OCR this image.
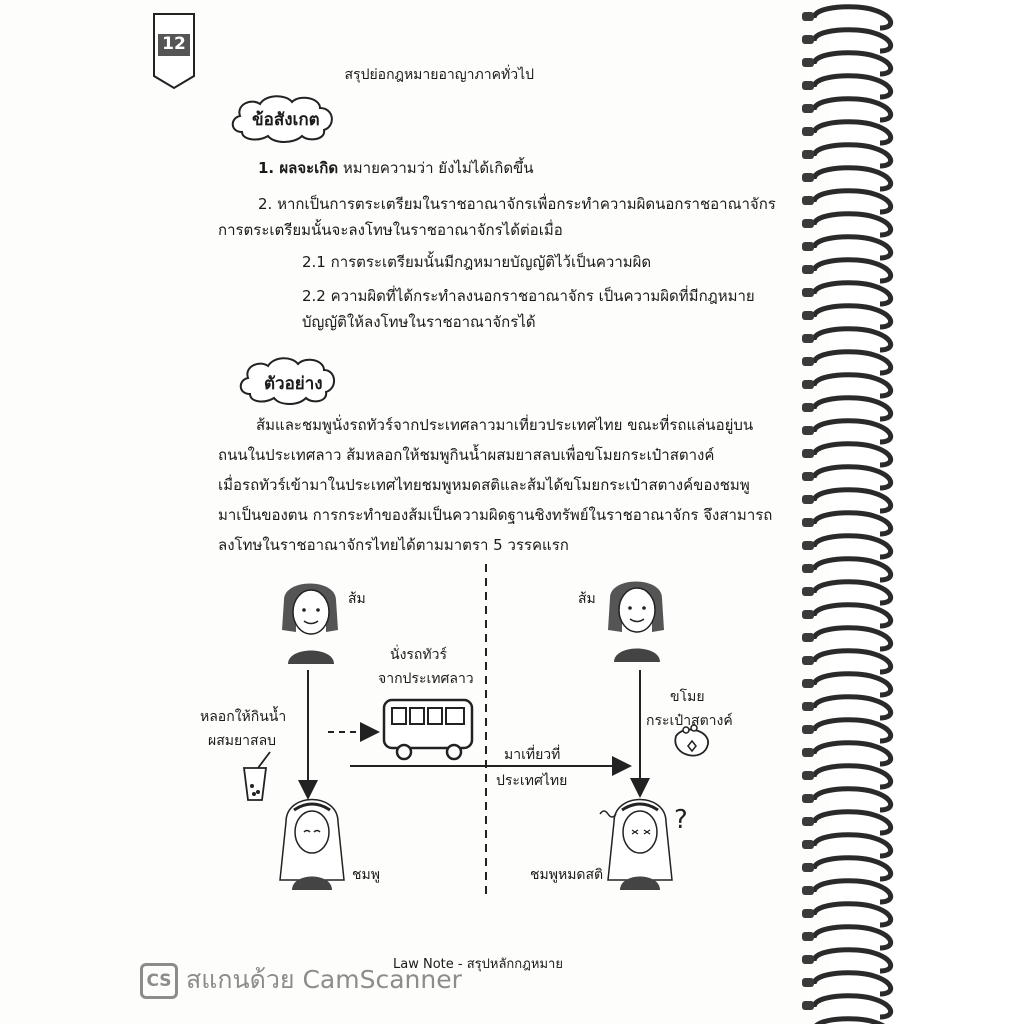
12
สรุปย่อกฎหมายอาญาภาคทั่วไป
ข้อสังเกต
1. ผลจะเกิด หมายความว่า ยังไม่ได้เกิดขึ้น
2. หากเป็นการตระเตรียมในราชอาณาจักรเพื่อกระทำความผิดนอกราชอาณาจักร
การตระเตรียมนั้นจะลงโทษในราชอาณาจักรได้ต่อเมื่อ
2.1 การตระเตรียมนั้นมีกฎหมายบัญญัติไว้เป็นความผิด
2.2 ความผิดที่ได้กระทำลงนอกราชอาณาจักร เป็นความผิดที่มีกฎหมาย
บัญญัติให้ลงโทษในราชอาณาจักรได้
ตัวอย่าง
ส้มและชมพูนั่งรถทัวร์จากประเทศลาวมาเที่ยวประเทศไทย ขณะที่รถแล่นอยู่บน
ถนนในประเทศลาว ส้มหลอกให้ชมพูกินน้ำผสมยาสลบเพื่อขโมยกระเป๋าสตางค์
เมื่อรถทัวร์เข้ามาในประเทศไทยชมพูหมดสติและส้มได้ขโมยกระเป๋าสตางค์ของชมพู
มาเป็นของตน การกระทำของส้มเป็นความผิดฐานชิงทรัพย์ในราชอาณาจักร จึงสามารถ
ลงโทษในราชอาณาจักรไทยได้ตามมาตรา 5 วรรคแรก
?
ส้ม	ส้ม
นั่งรถทัวร์
จากประเทศลาว
หลอกให้กินน้ำ
ผสมยาสลบ
ขโมย
กระเป๋าสตางค์
มาเที่ยวที่
ประเทศไทย
ชมพู	ชมพูหมดสติ
Law Note - สรุปหลักกฎหมาย
CS สแกนด้วย CamScanner
